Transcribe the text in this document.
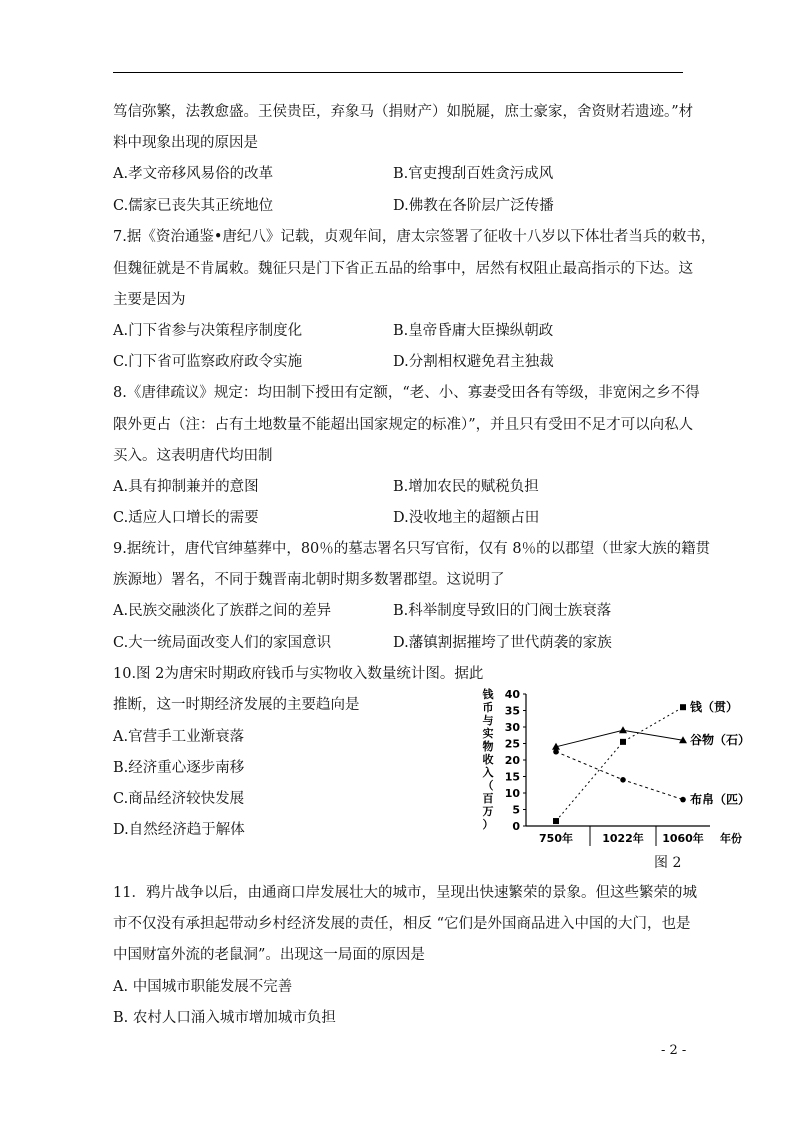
笃信弥繁，法教愈盛。王侯贵臣，弃象马（捐财产）如脱屣，庶士豪家，舍资财若遗迹。”材
料中现象出现的原因是
A.孝文帝移风易俗的改革	B.官吏搜刮百姓贪污成风
C.儒家已丧失其正统地位	D.佛教在各阶层广泛传播
7.据《资治通鉴•唐纪八》记载，贞观年间，唐太宗签署了征收十八岁以下体壮者当兵的敕书，
但魏征就是不肯属敕。魏征只是门下省正五品的给事中，居然有权阻止最高指示的下达。这
主要是因为
A.门下省参与决策程序制度化	B.皇帝昏庸大臣操纵朝政
C.门下省可监察政府政令实施	D.分割相权避免君主独裁
8.《唐律疏议》规定：均田制下授田有定额，“老、小、寡妻受田各有等级，非宽闲之乡不得
限外更占（注：占有土地数量不能超出国家规定的标准）”，并且只有受田不足才可以向私人
买入。这表明唐代均田制
A.具有抑制兼并的意图	B.增加农民的赋税负担
C.适应人口增长的需要	D.没收地主的超额占田
9.据统计，唐代官绅墓葬中，80％的墓志署名只写官衔，仅有 8％的以郡望（世家大族的籍贯
族源地）署名，不同于魏晋南北朝时期多数署郡望。这说明了
A.民族交融淡化了族群之间的差异	B.科举制度导致旧的门阀士族衰落
C.大一统局面改变人们的家国意识	D.藩镇割据摧垮了世代荫袭的家族
10.图 2为唐宋时期政府钱币与实物收入数量统计图。据此
推断，这一时期经济发展的主要趋向是
A.官营手工业渐衰落
B.经济重心逐步南移
C.商品经济较快发展
D.自然经济趋于解体	0
5
10
15
20
25
30
35
40
750年	1022年 1060年 年份
钱
币
与
实
物
收
入
（
百
万
）
钱（贯）
谷物（石）
布帛（匹）
图 2
11．鸦片战争以后，由通商口岸发展壮大的城市，呈现出快速繁荣的景象。但这些繁荣的城
市不仅没有承担起带动乡村经济发展的责任，相反 “它们是外国商品进入中国的大门，也是
中国财富外流的老鼠洞”。出现这一局面的原因是
A. 中国城市职能发展不完善
B. 农村人口涌入城市增加城市负担
- 2 -
